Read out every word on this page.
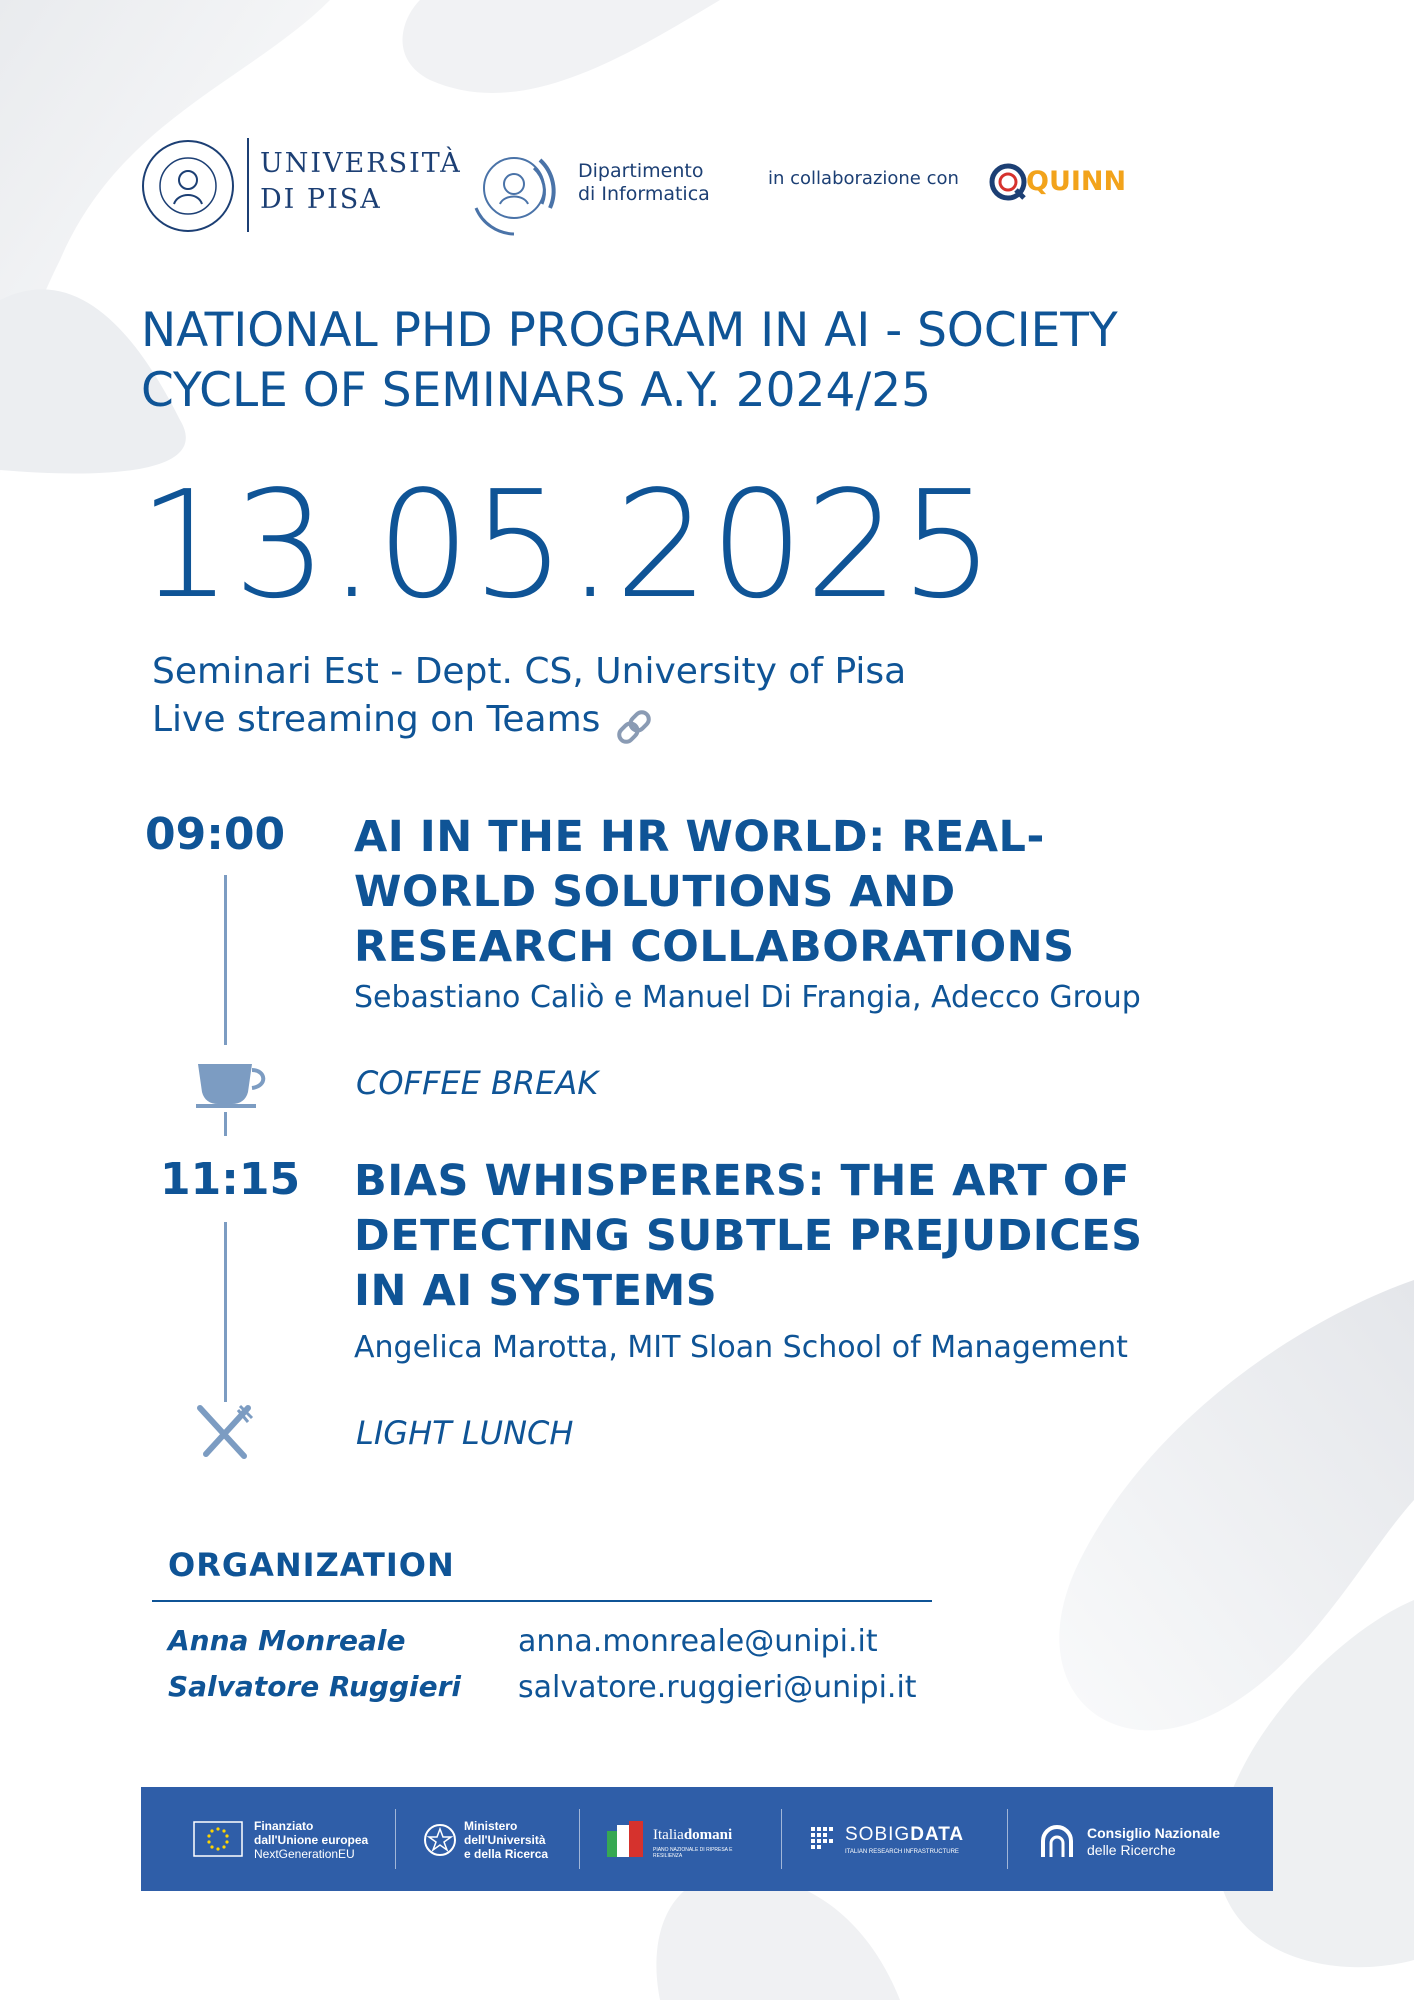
UNIVERSITÀ
DI PISA
Dipartimento
di Informatica
in collaborazione con QUINN
NATIONAL PHD PROGRAM IN AI - SOCIETY
CYCLE OF SEMINARS A.Y. 2024/25
13.05.2025
Seminari Est - Dept. CS, University of Pisa
Live streaming on Teams
09:00 AI IN THE HR WORLD: REAL-
WORLD SOLUTIONS AND
RESEARCH COLLABORATIONS
Sebastiano Caliò e Manuel Di Frangia, Adecco Group
COFFEE BREAK
11:15 BIAS WHISPERERS: THE ART OF
DETECTING SUBTLE PREJUDICES
IN AI SYSTEMS
Angelica Marotta, MIT Sloan School of Management
LIGHT LUNCH
ORGANIZATION
Anna Monreale	anna.monreale@unipi.it
Salvatore Ruggieri salvatore.ruggieri@unipi.it
Finanziato
dall'Unione europea
NextGenerationEU
Ministero
dell'Università
e della Ricerca
Italiadomani
PIANO NAZIONALE DI RIPRESA E RESILIENZA
SOBIGDATA
ITALIAN RESEARCH INFRASTRUCTURE
Consiglio Nazionale
delle Ricerche
